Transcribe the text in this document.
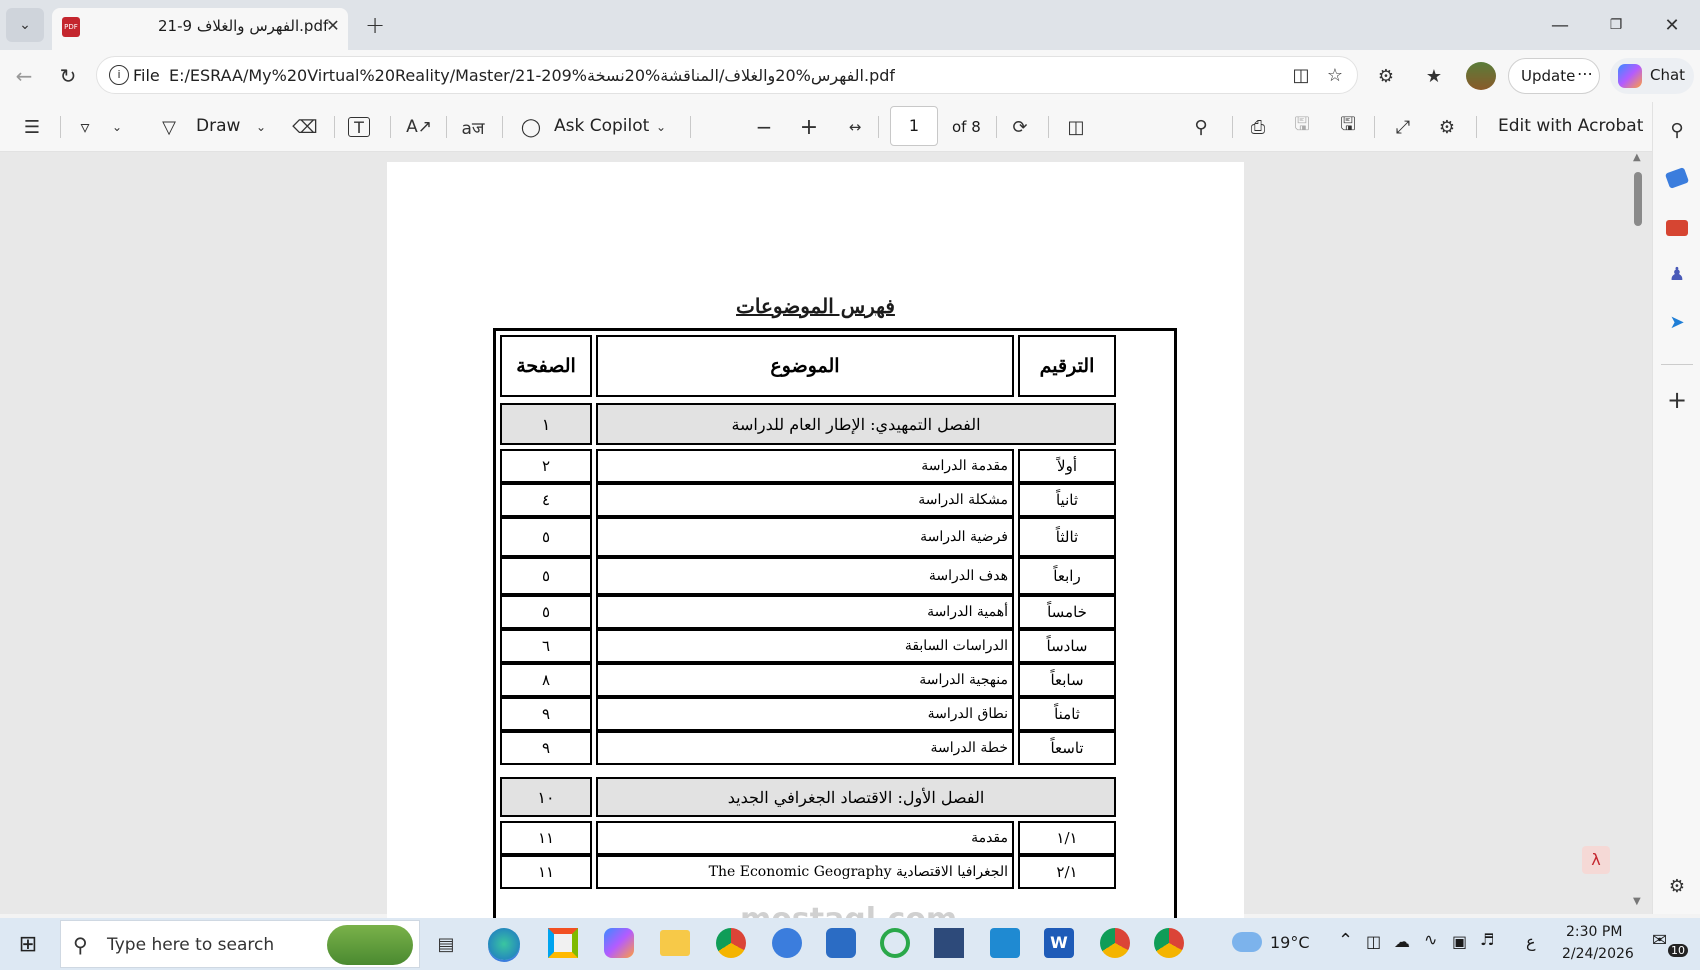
⌄	PDF	الفهرس والغلاف 9-21.pdf
✕ +	—	❐	✕
←	↻	i File E:/ESRAA/My%20Virtual%20Reality/Master/21-209%الفهرس%20والغلاف/المناقشة%20نسخة.pdf	◫ ☆	⚙	★	Update ⋯	Chat
☰	▿	⌄	▽	Draw	⌄ ⌫	T	A↗ aज ◯ Ask Copilot ⌄	− +	↔	1	of 8	⟳	◫	⚲	⎙	🖫	🖫	⤢	⚙	Edit with Acrobat	⚲
♟
➤
+
⚙
فهرس الموضوعات
الصفحة	الموضوع	الترقيم
١	الفصل التمهيدي: الإطار العام للدراسة
٢	مقدمة الدراسة	أولاً
٤	مشكلة الدراسة	ثانياً
٥	فرضية الدراسة	ثالثاً
٥	هدف الدراسة	رابعاً
٥	أهمية الدراسة	خامساً
٦	الدراسات السابقة	سادساً
٨	منهجية الدراسة	سابعاً
٩	نطاق الدراسة	ثامناً
٩	خطة الدراسة	تاسعاً
١٠	الفصل الأول: الاقتصاد الجغرافي الجديد
١١	مقدمة	١/١
١١	الجغرافيا الاقتصادية The Economic Geography	٢/١
λ
▲
▼
⊞ ⚲ Type here to search	▤	W	19°C ⌃ ◫ ☁ ∿ ▣ ♬ ع 2:30 PM
2/24/2026
✉ 10
